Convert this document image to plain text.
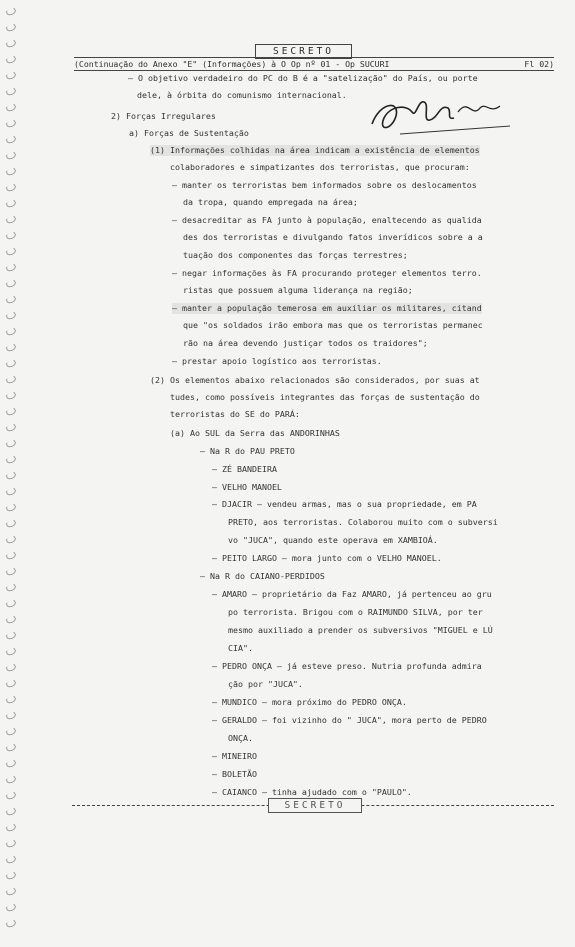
SECRETO
(Continuação do Anexo "E" (Informações) à O Op nº 01 - Op SUCURI	Fl 02)
– O objetivo verdadeiro do PC do B é a "satelização" do País, ou porte
dele, à órbita do comunismo internacional.
2) Forças Irregulares
a) Forças de Sustentação
(1) Informações colhidas na área indicam a existência de elementos
colaboradores e simpatizantes dos terroristas, que procuram:
– manter os terroristas bem informados sobre os deslocamentos
da tropa, quando empregada na área;
– desacreditar as FA junto à população, enaltecendo as qualida
des dos terroristas e divulgando fatos inverídicos sobre a a
tuação dos componentes das forças terrestres;
– negar informações às FA procurando proteger elementos terro.
ristas que possuem alguma liderança na região;
– manter a população temerosa em auxiliar os militares, citand
que "os soldados irão embora mas que os terroristas permanec
rão na área devendo justiçar todos os traidores";
– prestar apoio logístico aos terroristas.
(2) Os elementos abaixo relacionados são considerados, por suas at
tudes, como possíveis integrantes das forças de sustentação do
terroristas do SE do PARÁ:
(a) Ao SUL da Serra das ANDORINHAS
– Na R do PAU PRETO
– ZÉ BANDEIRA
– VELHO MANOEL
– DJACIR – vendeu armas, mas o sua propriedade, em PA
PRETO, aos terroristas. Colaborou muito com o subversi
vo "JUCA", quando este operava em XAMBIOÁ.
– PEITO LARGO – mora junto com o VELHO MANOEL.
– Na R do CAIANO-PERDIDOS
– AMARO – proprietário da Faz AMARO, já pertenceu ao gru
po terrorista. Brigou com o RAIMUNDO SILVA, por ter
mesmo auxiliado a prender os subversivos "MIGUEL e LÚ
CIA".
– PEDRO ONÇA – já esteve preso. Nutria profunda admira
ção por "JUCA".
– MUNDICO – mora próximo do PEDRO ONÇA.
– GERALDO – foi vizinho do " JUCA", mora perto de PEDRO
ONÇA.
– MINEIRO
– BOLETÃO
– CAIANCO – tinha ajudado com o "PAULO".
SECRETO
